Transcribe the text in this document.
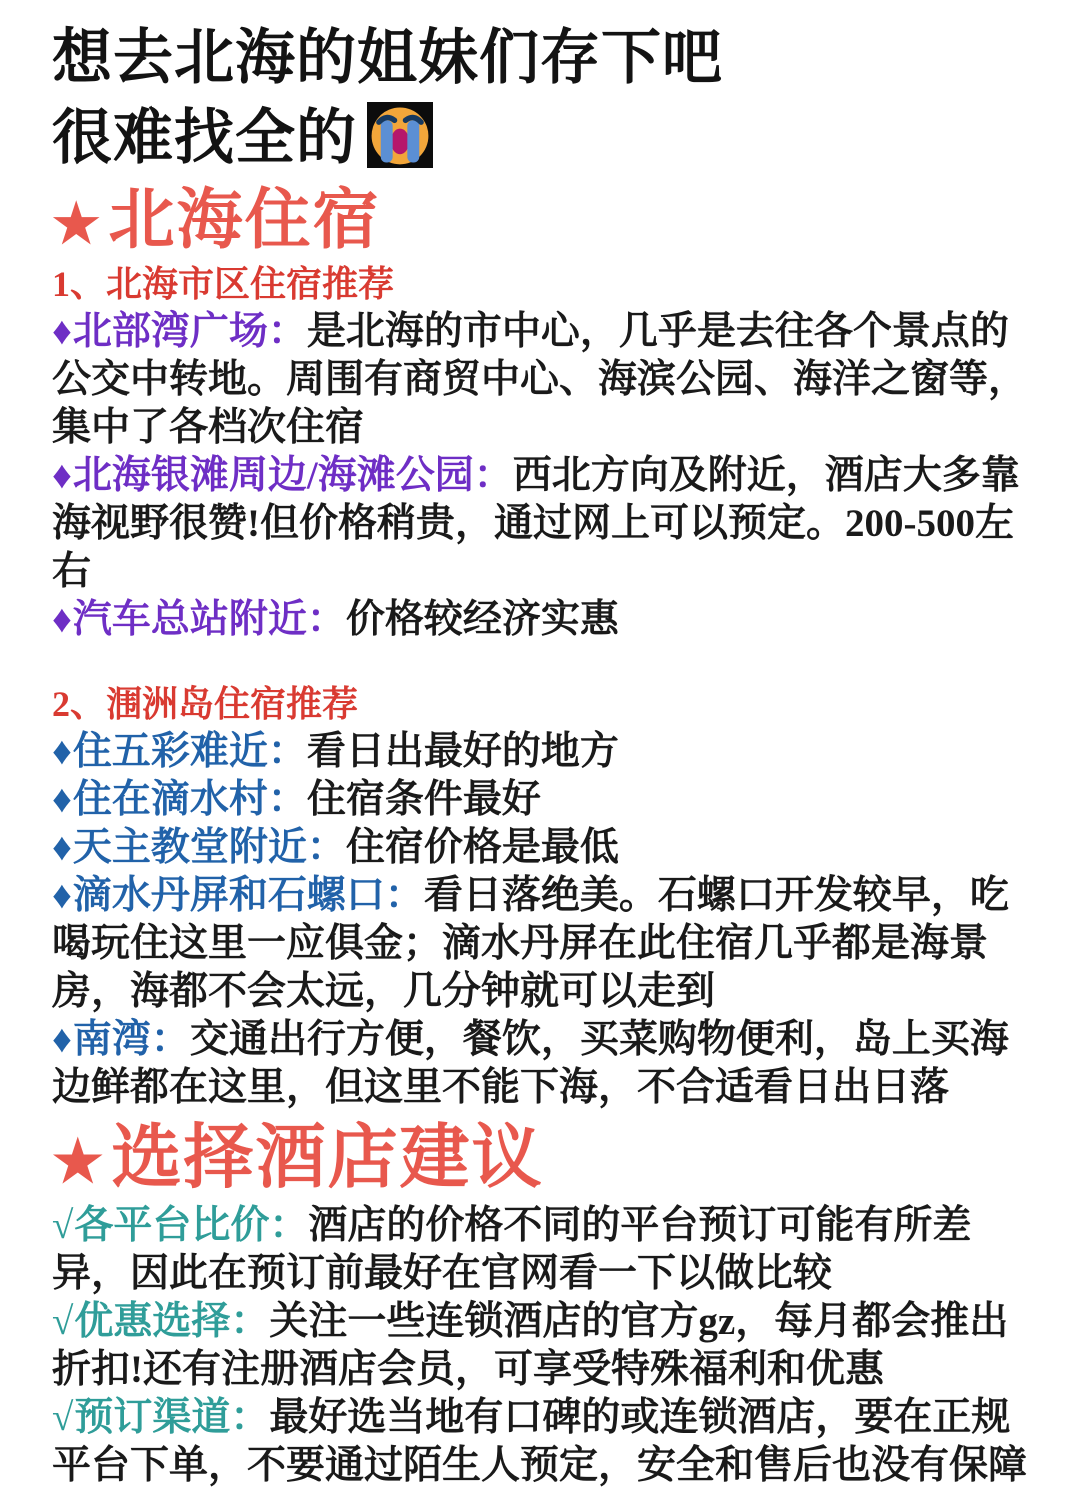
想去北海的姐妹们存下吧
很难找全的
★北海住宿
1、北海市区住宿推荐

♦北部湾广场：是北海的市中心，几乎是去往各个景点的公交中转地。周围有商贸中心、海滨公园、海洋之窗等，集中了各档次住宿

♦北海银滩周边/海滩公园：西北方向及附近，酒店大多靠海视野很赞!但价格稍贵，通过网上可以预定。200-500左右

♦汽车总站附近：价格较经济实惠

2、涠洲岛住宿推荐

♦住五彩难近：看日出最好的地方

♦住在滴水村：住宿条件最好

♦天主教堂附近：住宿价格是最低

♦滴水丹屏和石螺口：看日落绝美。石螺口开发较早，吃喝玩住这里一应俱金；滴水丹屏在此住宿几乎都是海景房，海都不会太远，几分钟就可以走到

♦南湾：交通出行方便，餐饮，买菜购物便利，岛上买海边鲜都在这里，但这里不能下海，不合适看日出日落

★选择酒店建议

√各平台比价：酒店的价格不同的平台预订可能有所差异，因此在预订前最好在官网看一下以做比较

√优惠选择：关注一些连锁酒店的官方gz，每月都会推出折扣!还有注册酒店会员，可享受特殊福利和优惠

√预订渠道：最好选当地有口碑的或连锁酒店，要在正规平台下单，不要通过陌生人预定，安全和售后也没有保障
